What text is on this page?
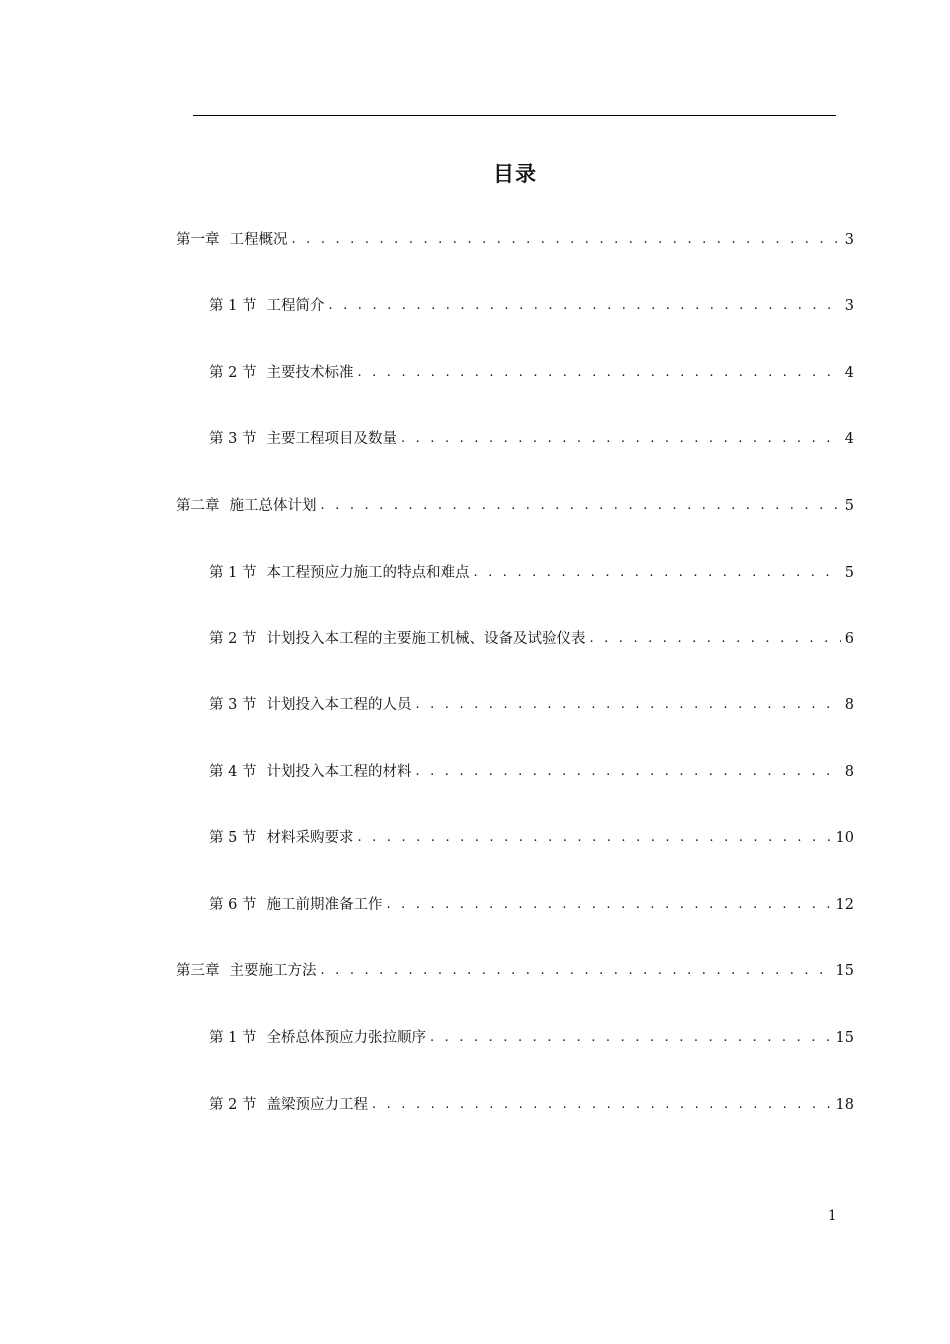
目录
第一章 工程概况 . . .	3
第 1 节 工程简介 . . .	3
第 2 节 主要技术标准 . . .	4
第 3 节 主要工程项目及数量 . . .	4
第二章 施工总体计划 . . .	5
第 1 节 本工程预应力施工的特点和难点 . . .	5
第 2 节 计划投入本工程的主要施工机械、设备及试验仪表 . . .	6
第 3 节 计划投入本工程的人员 . . .	8
第 4 节 计划投入本工程的材料 . . .	8
第 5 节 材料采购要求 . . .	10
第 6 节 施工前期准备工作 . . .	12
第三章 主要施工方法 . . .	15
第 1 节 全桥总体预应力张拉顺序 . . .	15
第 2 节 盖梁预应力工程 . . .	18
1
